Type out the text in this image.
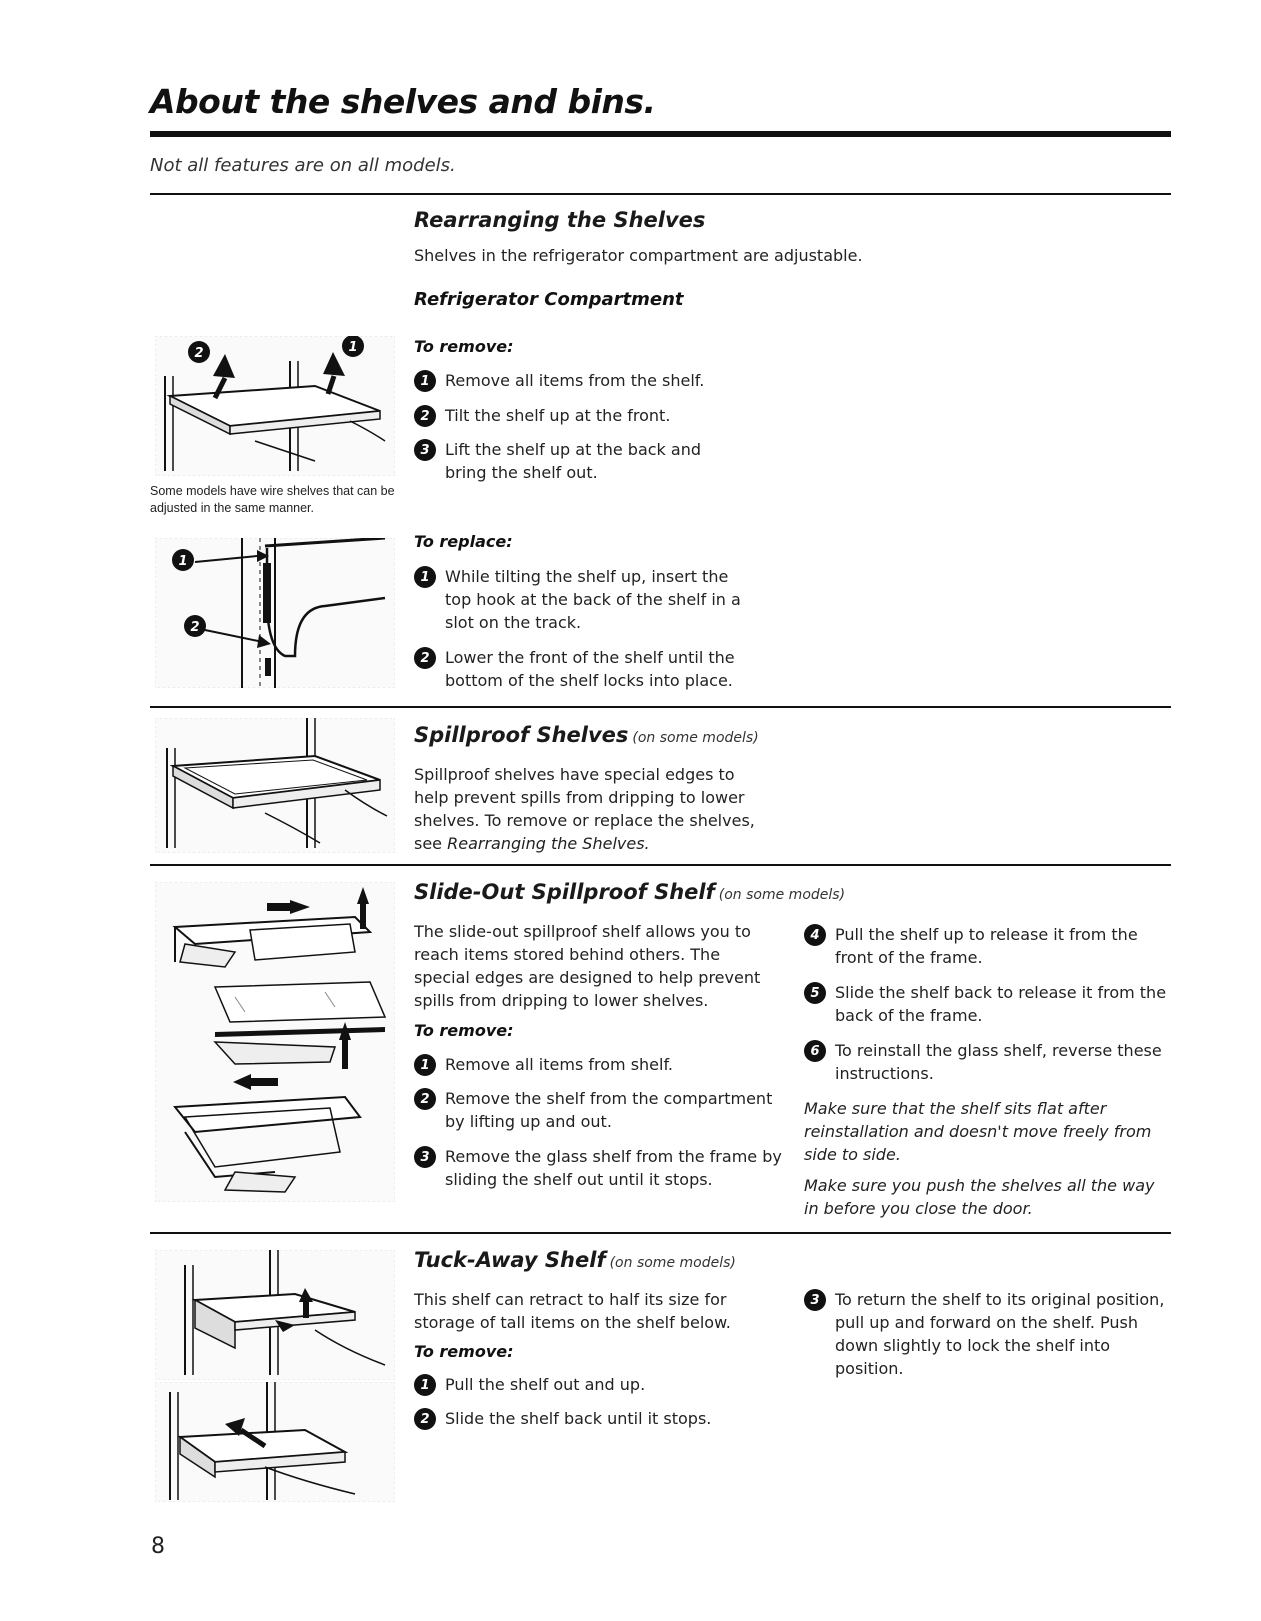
About the shelves and bins.
Not all features are on all models.
Rearranging the Shelves
Shelves in the refrigerator compartment are adjustable.
Refrigerator Compartment
To remove:
1 Remove all items from the shelf.
2 Tilt the shelf up at the front.
3 Lift the shelf up at the back and bring the shelf out.
2	1
Some models have wire shelves that can be adjusted in the same manner.
To replace:
1 While tilting the shelf up, insert the top hook at the back of the shelf in a slot on the track.
2 Lower the front of the shelf until the bottom of the shelf locks into place.
1
2
Spillproof Shelves (on some models)
Spillproof shelves have special edges to help prevent spills from dripping to lower shelves. To remove or replace the shelves, see Rearranging the Shelves.
Slide-Out Spillproof Shelf (on some models)
The slide-out spillproof shelf allows you to reach items stored behind others. The special edges are designed to help prevent spills from dripping to lower shelves.
To remove:
1 Remove all items from shelf.
2 Remove the shelf from the compartment by lifting up and out.
3 Remove the glass shelf from the frame by sliding the shelf out until it stops.
4 Pull the shelf up to release it from the front of the frame.
5 Slide the shelf back to release it from the back of the frame.
6 To reinstall the glass shelf, reverse these instructions.
Make sure that the shelf sits flat after reinstallation and doesn't move freely from side to side.
Make sure you push the shelves all the way in before you close the door.
Tuck-Away Shelf (on some models)
This shelf can retract to half its size for storage of tall items on the shelf below.
To remove:
1 Pull the shelf out and up.
2 Slide the shelf back until it stops.
3 To return the shelf to its original position, pull up and forward on the shelf. Push down slightly to lock the shelf into position.
8
